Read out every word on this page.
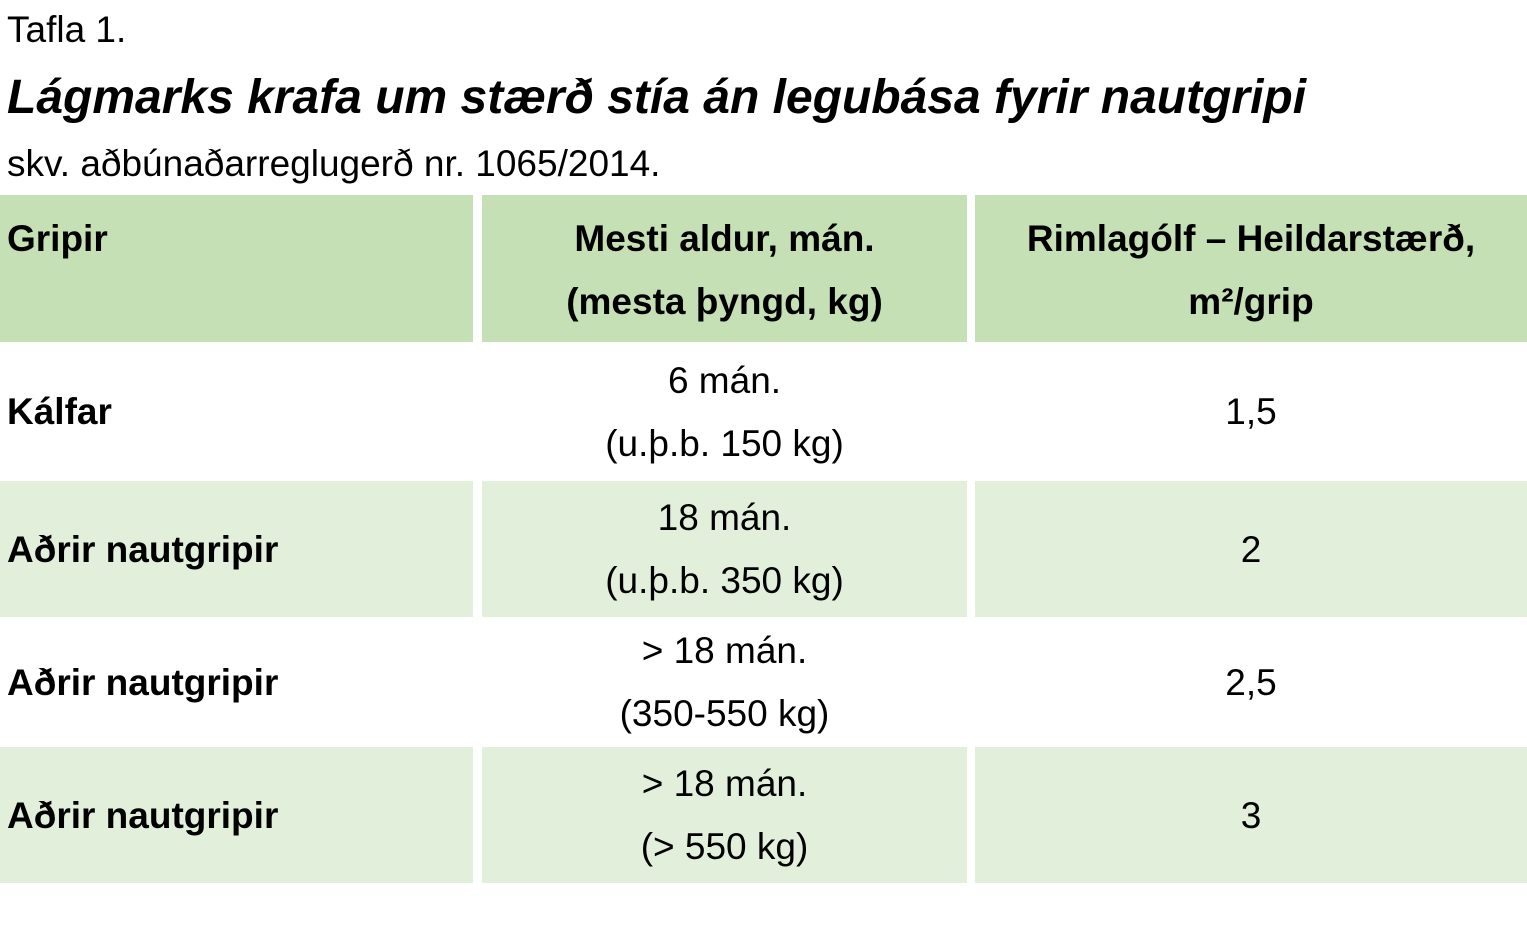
Tafla 1.
Lágmarks krafa um stærð stía án legubása fyrir nautgripi
skv. aðbúnaðarreglugerð nr. 1065/2014.
Gripir	Mesti aldur, mán.
(mesta þyngd, kg)
Rimlagólf – Heildarstærð,
m²/grip
Kálfar
6 mán.
(u.þ.b. 150 kg)
1,5
Aðrir nautgripir
18 mán.
(u.þ.b. 350 kg)
2
Aðrir nautgripir
> 18 mán.
(350-550 kg)
2,5
Aðrir nautgripir
> 18 mán.
(> 550 kg)
3
